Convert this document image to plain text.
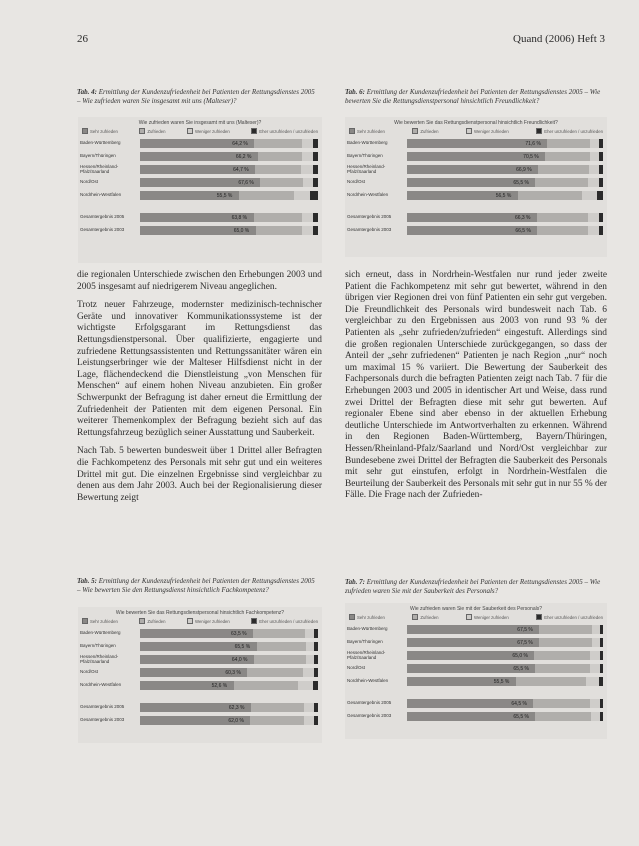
26	Quand (2006) Heft 3
Tab. 4: Ermittlung der Kundenzufriedenheit bei Patienten der Rettungsdienstes 2005 – Wie zufrieden waren Sie insgesamt mit uns (Malteser)?
Tab. 6: Ermittlung der Kundenzufriedenheit bei Patienten der Rettungsdienstes 2005 – Wie bewerten Sie die Rettungsdienstpersonal hinsichtlich Freundlichkeit?
Tab. 5: Ermittlung der Kundenzufriedenheit bei Patienten der Rettungsdienstes 2005 – Wie bewerten Sie den Rettungsdienst hinsichtlich Fachkompetenz?
Tab. 7: Ermittlung der Kundenzufriedenheit bei Patienten der Rettungsdienstes 2005 – Wie zufrieden waren Sie mit der Sauberkeit des Personals?
Wie zufrieden waren Sie insgesamt mit uns (Malteser)?
Sehr zufrieden	Zufrieden	Weniger zufrieden	Eher unzufrieden / unzufrieden
Baden-Württemberg	64,2 %
Bayern/Thüringen	66,2 %
Hessen/Rheinland-Pfalz/Saarland	64,7 %
Nord/Ost	67,6 %
Nordrhein-Westfalen	55,5 %
Gesamtergebnis 2005	63,8 %
Gesamtergebnis 2003	65,0 %
Wie bewerten Sie das Rettungsdienstpersonal hinsichtlich Freundlichkeit?
Sehr zufrieden	Zufrieden	Weniger zufrieden	Eher unzufrieden / unzufrieden
Baden-Württemberg	71,6 %
Bayern/Thüringen	70,5 %
Hessen/Rheinland-Pfalz/Saarland	66,9 %
Nord/Ost	65,5 %
Nordrhein-Westfalen	56,5 %
Gesamtergebnis 2005	66,3 %
Gesamtergebnis 2003	66,5 %
Wie bewerten Sie das Rettungsdienstpersonal hinsichtlich Fachkompetenz?
Sehr zufrieden	Zufrieden	Weniger zufrieden	Eher unzufrieden / unzufrieden
Baden-Württemberg	63,5 %
Bayern/Thüringen	65,5 %
Hessen/Rheinland-Pfalz/Saarland	64,0 %
Nord/Ost	60,3 %
Nordrhein-Westfalen	52,6 %
Gesamtergebnis 2005	62,3 %
Gesamtergebnis 2003	62,0 %
Wie zufrieden waren Sie mit der Sauberkeit des Personals?
Sehr zufrieden	Zufrieden	Weniger zufrieden	Eher unzufrieden / unzufrieden
Baden-Württemberg	67,5 %
Bayern/Thüringen	67,5 %
Hessen/Rheinland-Pfalz/Saarland	65,0 %
Nord/Ost	65,5 %
Nordrhein-Westfalen	55,5 %
Gesamtergebnis 2005	64,5 %
Gesamtergebnis 2003	65,5 %

die regionalen Unterschiede zwischen den Erhebungen 2003 und 2005 insgesamt auf niedrigerem Niveau angeglichen.

Trotz neuer Fahrzeuge, modernster medizinisch-technischer Geräte und innovativer Kommunikationssysteme ist der wichtigste Erfolgsgarant im Rettungsdienst das Rettungsdienstpersonal. Über qualifizierte, engagierte und zufriedene Rettungsassistenten und Rettungssanitäter wären ein Leistungserbringer wie der Malteser Hilfsdienst nicht in der Lage, flächendeckend die Dienstleistung „von Menschen für Menschen“ auf einem hohen Niveau anzubieten. Ein großer Schwerpunkt der Befragung ist daher erneut die Ermittlung der Zufriedenheit der Patienten mit dem eigenen Personal. Ein weiterer Themenkomplex der Befragung bezieht sich auf das Rettungsfahrzeug bezüglich seiner Ausstattung und Sauberkeit.

Nach Tab. 5 bewerten bundesweit über 1 Drittel aller Befragten die Fachkompetenz des Personals mit sehr gut und ein weiteres Drittel mit gut. Die einzelnen Ergebnisse sind vergleichbar zu denen aus dem Jahr 2003. Auch bei der Regionalisierung dieser Bewertung zeigt

sich erneut, dass in Nordrhein-Westfalen nur rund jeder zweite Patient die Fachkompetenz mit sehr gut bewertet, während in den übrigen vier Regionen drei von fünf Patienten ein sehr gut vergeben. Die Freundlichkeit des Personals wird bundesweit nach Tab. 6 vergleichbar zu den Ergebnissen aus 2003 von rund 93 % der Patienten als „sehr zufrieden/zufrieden“ eingestuft. Allerdings sind die großen regionalen Unterschiede zurückgegangen, so dass der Anteil der „sehr zufriedenen“ Patienten je nach Region „nur“ noch um maximal 15 % variiert. Die Bewertung der Sauberkeit des Fachpersonals durch die befragten Patienten zeigt nach Tab. 7 für die Erhebungen 2003 und 2005 in identischer Art und Weise, dass rund zwei Drittel der Befragten diese mit sehr gut bewerten. Auf regionaler Ebene sind aber ebenso in der aktuellen Erhebung deutliche Unterschiede im Antwortverhalten zu erkennen. Während in den Regionen Baden-Württemberg, Bayern/Thüringen, Hessen/Rheinland-Pfalz/Saarland und Nord/Ost vergleichbar zur Bundesebene zwei Drittel der Befragten die Sauberkeit des Personals mit sehr gut einstufen, erfolgt in Nordrhein-Westfalen die Beurteilung der Sauberkeit des Personals mit sehr gut in nur 55 % der Fälle. Die Frage nach der Zufrieden-
